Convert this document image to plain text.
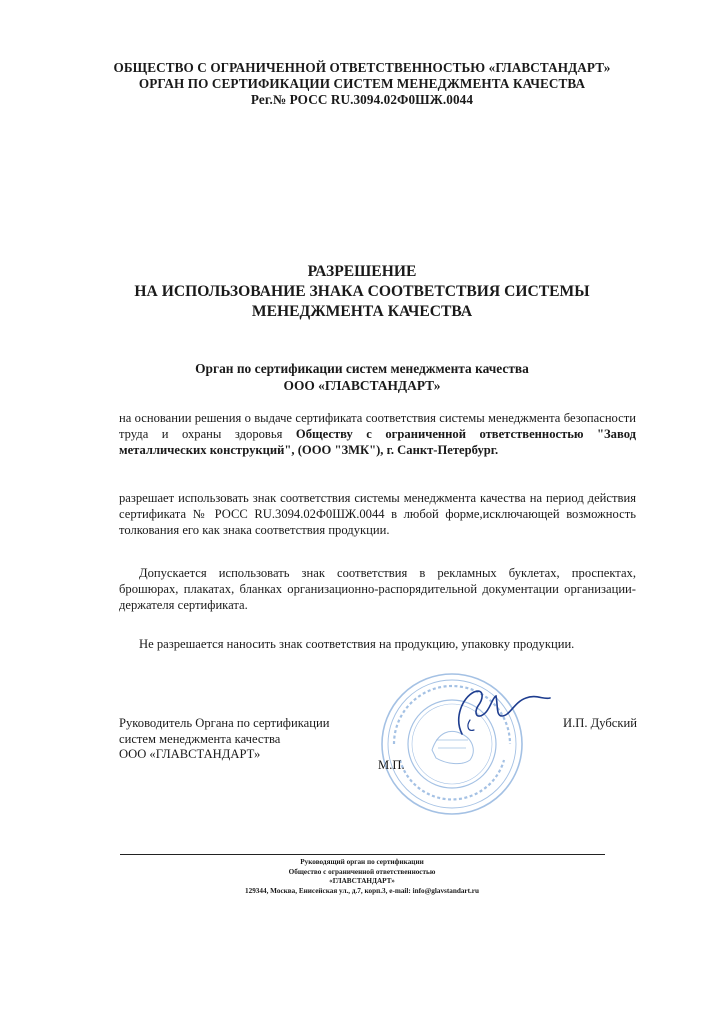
ОБЩЕСТВО С ОГРАНИЧЕННОЙ ОТВЕТСТВЕННОСТЬЮ «ГЛАВСТАНДАРТ»
ОРГАН ПО СЕРТИФИКАЦИИ СИСТЕМ МЕНЕДЖМЕНТА КАЧЕСТВА
Рег.№ РОСС RU.3094.02Ф0ШЖ.0044
РАЗРЕШЕНИЕ
НА ИСПОЛЬЗОВАНИЕ ЗНАКА СООТВЕТСТВИЯ СИСТЕМЫ
МЕНЕДЖМЕНТА КАЧЕСТВА
Орган по сертификации систем менеджмента качества
ООО «ГЛАВСТАНДАРТ»
на основании решения о выдаче сертификата соответствия системы менеджмента безопасности труда и охраны здоровья Обществу с ограниченной ответственностью "Завод металлических конструкций", (ООО "ЗМК"), г. Санкт-Петербург.
разрешает использовать знак соответствия системы менеджмента качества на период действия сертификата № РОСС RU.3094.02Ф0ШЖ.0044 в любой форме,исключающей возможность толкования его как знака соответствия продукции.
Допускается использовать знак соответствия в рекламных буклетах, проспектах, брошюрах, плакатах, бланках организационно-распорядительной документации организации-держателя сертификата.
Не разрешается наносить знак соответствия на продукцию, упаковку продукции.
Руководитель Органа по сертификации
систем менеджмента качества
ООО «ГЛАВСТАНДАРТ»
И.П. Дубский
М.П.
Руководящий орган по сертификации
Общество с ограниченной ответственностью
«ГЛАВСТАНДАРТ»
129344, Москва, Енисейская ул., д.7, корп.3, e-mail: info@glavstandart.ru
